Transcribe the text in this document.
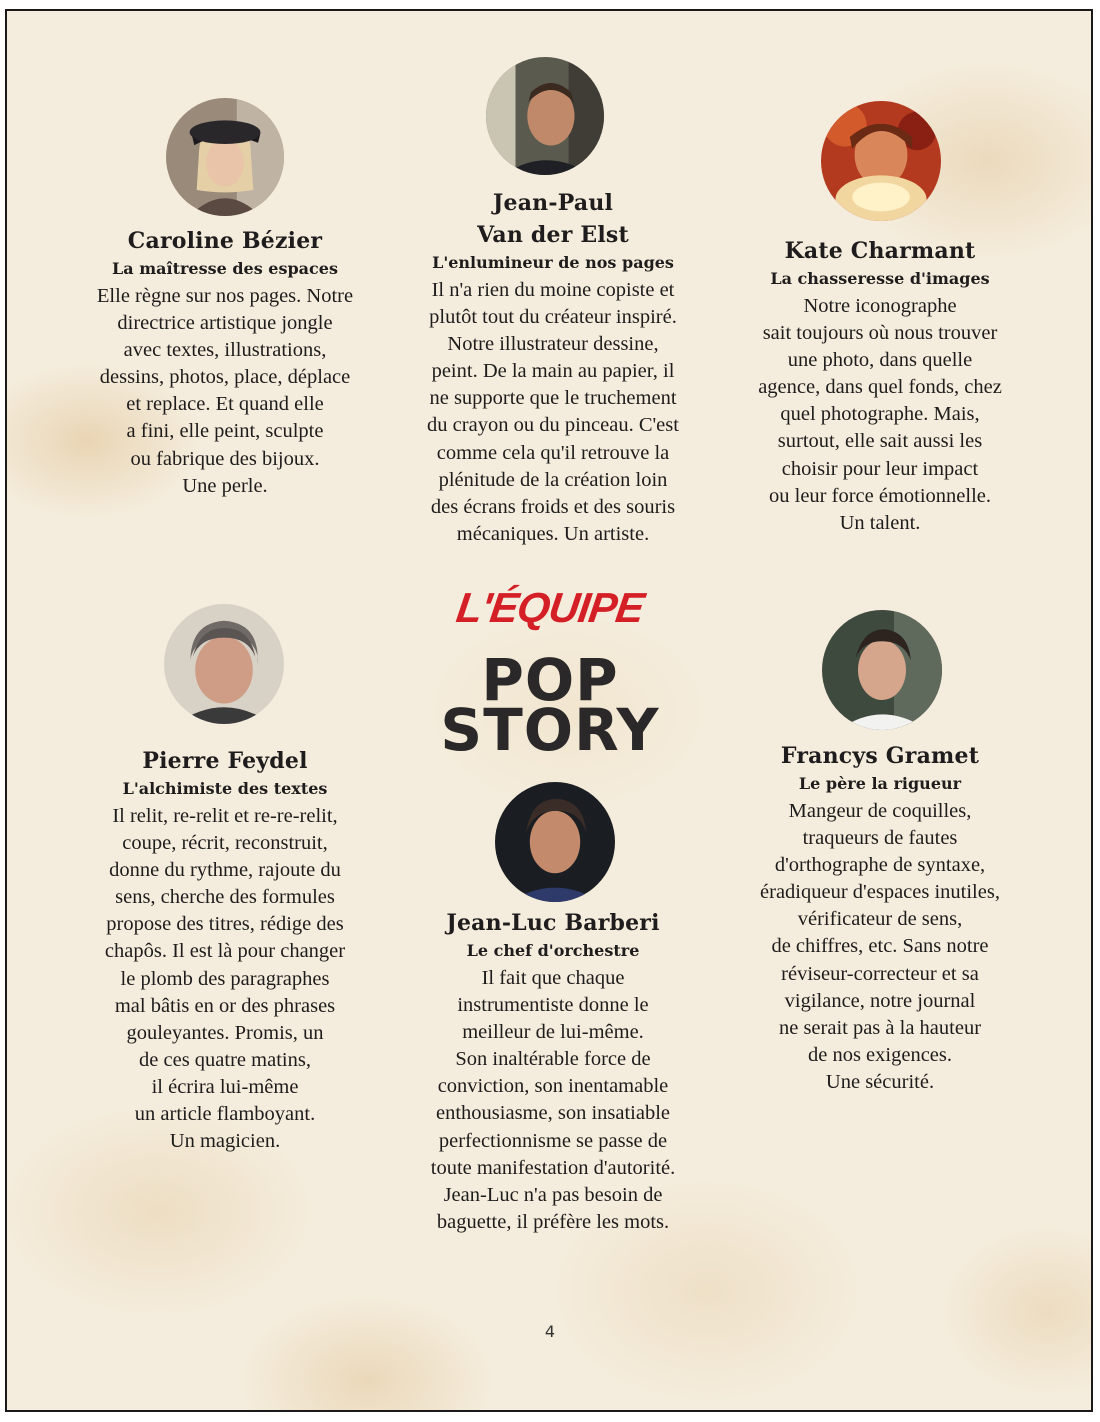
Caroline Bézier
La maîtresse des espaces
Elle règne sur nos pages. Notre
directrice artistique jongle
avec textes, illustrations,
dessins, photos, place, déplace
et replace. Et quand elle
a fini, elle peint, sculpte
ou fabrique des bijoux.
Une perle.
Jean-Paul
Van der Elst
L'enlumineur de nos pages
Il n'a rien du moine copiste et
plutôt tout du créateur inspiré.
Notre illustrateur dessine,
peint. De la main au papier, il
ne supporte que le truchement
du crayon ou du pinceau. C'est
comme cela qu'il retrouve la
plénitude de la création loin
des écrans froids et des souris
mécaniques. Un artiste.
Kate Charmant
La chasseresse d'images
Notre iconographe
sait toujours où nous trouver
une photo, dans quelle
agence, dans quel fonds, chez
quel photographe. Mais,
surtout, elle sait aussi les
choisir pour leur impact
ou leur force émotionnelle.
Un talent.
L'ÉQUIPE
POP
STORY
Pierre Feydel
L'alchimiste des textes
Il relit, re-relit et re-re-relit,
coupe, récrit, reconstruit,
donne du rythme, rajoute du
sens, cherche des formules
propose des titres, rédige des
chapôs. Il est là pour changer
le plomb des paragraphes
mal bâtis en or des phrases
gouleyantes. Promis, un
de ces quatre matins,
il écrira lui-même
un article flamboyant.
Un magicien.
Jean-Luc Barberi
Le chef d'orchestre
Il fait que chaque
instrumentiste donne le
meilleur de lui-même.
Son inaltérable force de
conviction, son inentamable
enthousiasme, son insatiable
perfectionnisme se passe de
toute manifestation d'autorité.
Jean-Luc n'a pas besoin de
baguette, il préfère les mots.
Francys Gramet
Le père la rigueur
Mangeur de coquilles,
traqueurs de fautes
d'orthographe de syntaxe,
éradiqueur d'espaces inutiles,
vérificateur de sens,
de chiffres, etc. Sans notre
réviseur-correcteur et sa
vigilance, notre journal
ne serait pas à la hauteur
de nos exigences.
Une sécurité.
4
